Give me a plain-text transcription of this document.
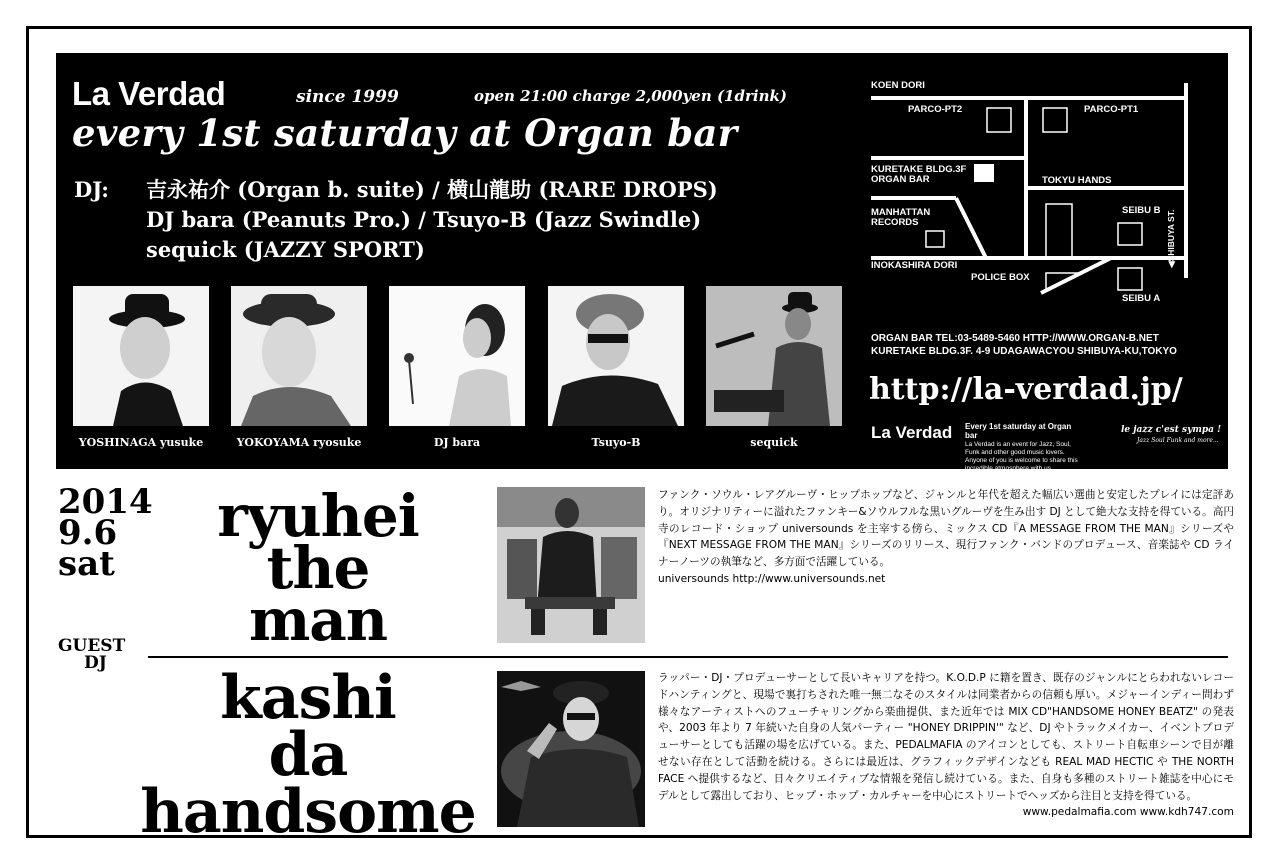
La Verdad	since 1999	open 21:00 charge 2,000yen (1drink)
every 1st saturday at Organ bar
DJ: 吉永祐介 (Organ b. suite) / 横山龍助 (RARE DROPS)
DJ bara (Peanuts Pro.) / Tsuyo-B (Jazz Swindle)
sequick (JAZZY SPORT)
YOSHINAGA yusuke	YOKOYAMA ryosuke	DJ bara	Tsuyo-B	sequick
KOEN DORI
PARCO-PT2	PARCO-PT1
KURETAKE BLDG.3F
ORGAN BAR	TOKYU HANDS
MANHATTAN
RECORDS
SEIBU B
INOKASHIRA DORI
POLICE BOX
SEIBU A
◀SHIBUYA ST.
ORGAN BAR TEL:03-5489-5460 HTTP://WWW.ORGAN-B.NET
KURETAKE BLDG.3F. 4-9 UDAGAWACYOU SHIBUYA-KU,TOKYO
http://la-verdad.jp/
La Verdad Every 1st saturday at Organ bar
La Verdad is an event for Jazz, Soul, Funk and other good music lovers. Anyone of you is welcome to share this incredible atmosphere with us.
le jazz c'est sympa !
Jazz Soul Funk and more...
2014
9.6
sat
GUEST
DJ
ryuhei
the
man
kashi
da
handsome
ファンク・ソウル・レアグルーヴ・ヒップホップなど、ジャンルと年代を超えた幅広い選曲と安定したプレイには定評あり。オリジナリティーに溢れたファンキー&ソウルフルな黒いグルーヴを生み出す DJ として絶大な支持を得ている。高円寺のレコード・ショップ universounds を主宰する傍ら、ミックス CD『A MESSAGE FROM THE MAN』シリーズや『NEXT MESSAGE FROM THE MAN』シリーズのリリース、現行ファンク・バンドのプロデュース、音楽誌や CD ライナーノーツの執筆など、多方面で活躍している。
universounds http://www.universounds.net
ラッパー・DJ・プロデューサーとして長いキャリアを持つ。K.O.D.P に籍を置き、既存のジャンルにとらわれないレコードハンティングと、現場で裏打ちされた唯一無二なそのスタイルは同業者からの信頼も厚い。メジャーインディー問わず様々なアーティストへのフューチャリングから楽曲提供、また近年では MIX CD"HANDSOME HONEY BEATZ" の発表や、2003 年より 7 年続いた自身の人気パーティー "HONEY DRIPPIN'" など、DJ やトラックメイカー、イベントプロデューサーとしても活躍の場を広げている。また、PEDALMAFIA のアイコンとしても、ストリート自転車シーンで目が離せない存在として活動を続ける。さらには最近は、グラフィックデザインなども REAL MAD HECTIC や THE NORTH FACE へ提供するなど、日々クリエイティブな情報を発信し続けている。また、自身も多種のストリート雑誌を中心にモデルとして露出しており、ヒップ・ホップ・カルチャーを中心にストリートでヘッズから注目と支持を得ている。
www.pedalmafia.com www.kdh747.com
